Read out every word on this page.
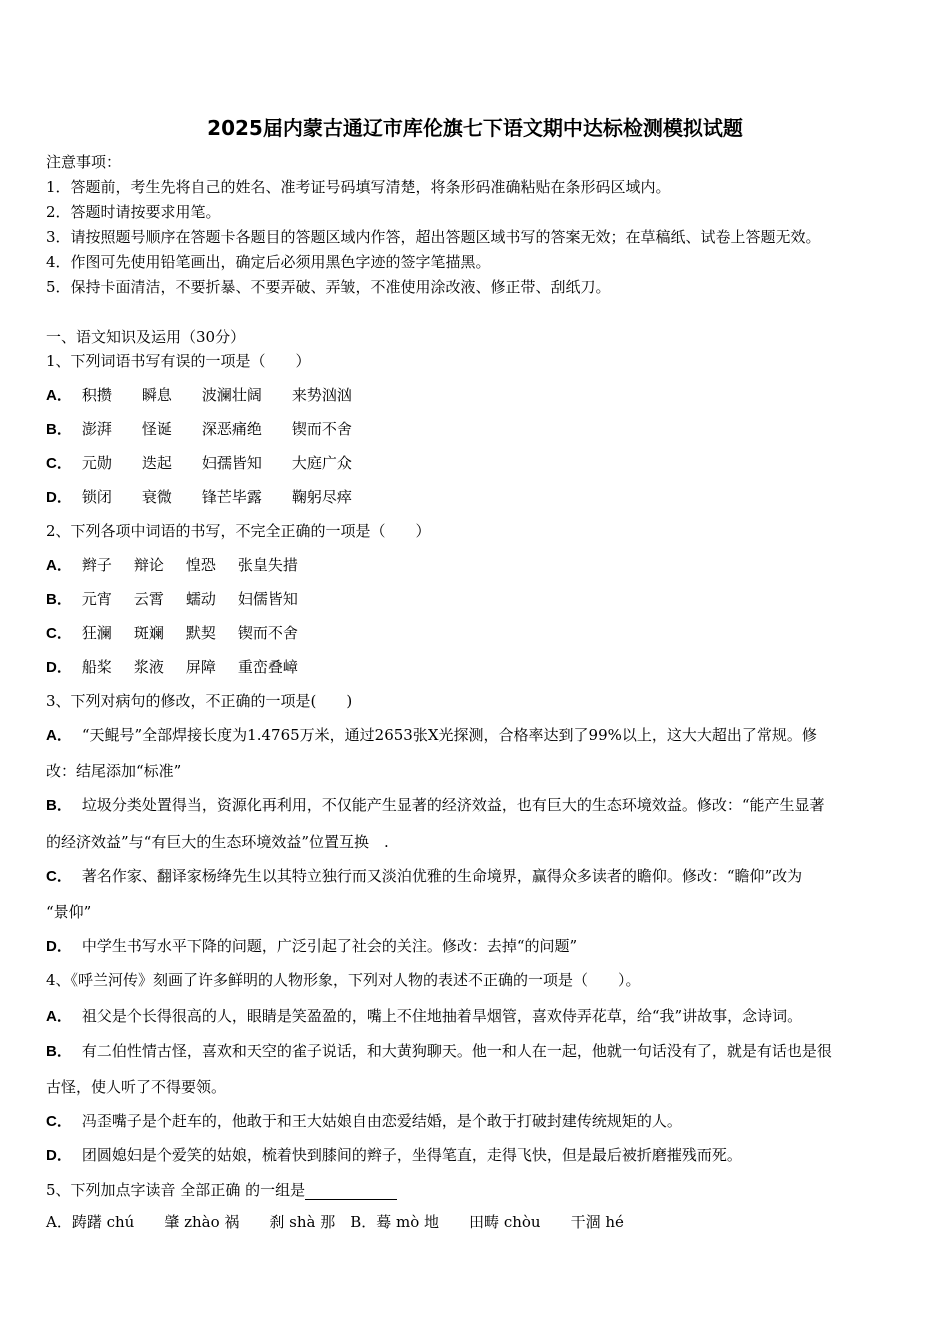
2025届内蒙古通辽市库伦旗七下语文期中达标检测模拟试题
注意事项：
1．答题前，考生先将自己的姓名、准考证号码填写清楚，将条形码准确粘贴在条形码区域内。
2．答题时请按要求用笔。
3．请按照题号顺序在答题卡各题目的答题区域内作答，超出答题区域书写的答案无效；在草稿纸、试卷上答题无效。
4．作图可先使用铅笔画出，确定后必须用黑色字迹的签字笔描黑。
5．保持卡面清洁，不要折暴、不要弄破、弄皱，不准使用涂改液、修正带、刮纸刀。
一、语文知识及运用（30分）
1、下列词语书写有误的一项是（　　）
A． 积攒 瞬息 波澜壮阔 来势汹汹
B． 澎湃 怪诞 深恶痛绝 锲而不舍
C． 元勋 迭起 妇孺皆知 大庭广众
D． 锁闭 衰微 锋芒毕露 鞠躬尽瘁
2、下列各项中词语的书写，不完全正确的一项是（　　）
A． 辫子 辩论 惶恐 张皇失措
B． 元宵 云霄 蠕动 妇儒皆知
C． 狂澜 斑斓 默契 锲而不舍
D． 船桨 浆液 屏障 重峦叠嶂
3、下列对病句的修改，不正确的一项是(　　)
A． “天鲲号”全部焊接长度为1.4765万米，通过2653张X光探测，合格率达到了99%以上，这大大超出了常规。修
改：结尾添加“标准”
B． 垃圾分类处置得当，资源化再利用，不仅能产生显著的经济效益，也有巨大的生态环境效益。修改：“能产生显著
的经济效益”与“有巨大的生态环境效益”位置互换　.
C． 著名作家、翻译家杨绛先生以其特立独行而又淡泊优雅的生命境界，赢得众多读者的瞻仰。修改：“瞻仰”改为
“景仰”
D． 中学生书写水平下降的问题，广泛引起了社会的关注。修改：去掉“的问题”
4、《呼兰河传》刻画了许多鲜明的人物形象，下列对人物的表述不正确的一项是（　　）。
A． 祖父是个长得很高的人，眼睛是笑盈盈的，嘴上不住地抽着旱烟管，喜欢侍弄花草，给“我”讲故事，念诗词。
B． 有二伯性情古怪，喜欢和天空的雀子说话，和大黄狗聊天。他一和人在一起，他就一句话没有了，就是有话也是很
古怪，使人听了不得要领。
C． 冯歪嘴子是个赶车的，他敢于和王大姑娘自由恋爱结婚，是个敢于打破封建传统规矩的人。
D． 团圆媳妇是个爱笑的姑娘，梳着快到膝间的辫子，坐得笔直，走得飞快，但是最后被折磨摧残而死。
5、下列加点字读音 全部正确 的一组是
A．踌躇 chú　　肇 zhào 祸　　刹 shà 那　B．蓦 mò 地　　田畴 chòu　　干涸 hé
